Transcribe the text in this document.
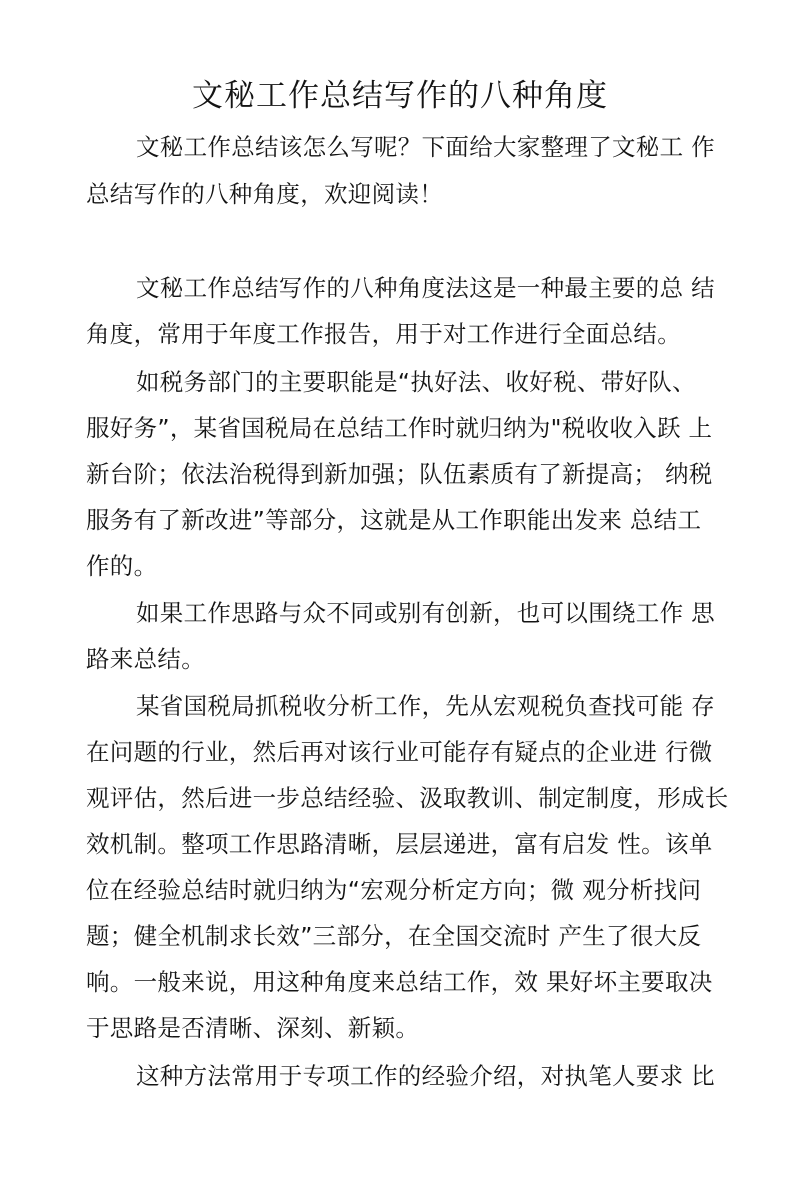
文秘工作总结写作的八种角度
文秘工作总结该怎么写呢？下面给大家整理了文秘工 作
总结写作的八种角度，欢迎阅读！
文秘工作总结写作的八种角度法这是一种最主要的总 结
角度，常用于年度工作报告，用于对工作进行全面总结。
如税务部门的主要职能是“执好法、收好税、带好队、
服好务”，某省国税局在总结工作时就归纳为"税收收入跃 上
新台阶；依法治税得到新加强；队伍素质有了新提高； 纳税
服务有了新改进”等部分，这就是从工作职能出发来 总结工
作的。
如果工作思路与众不同或别有创新，也可以围绕工作 思
路来总结。
某省国税局抓税收分析工作，先从宏观税负查找可能 存
在问题的行业，然后再对该行业可能存有疑点的企业进 行微
观评估，然后进一步总结经验、汲取教训、制定制度，形成长
效机制。整项工作思路清晰，层层递进，富有启发 性。该单
位在经验总结时就归纳为“宏观分析定方向；微 观分析找问
题；健全机制求长效”三部分，在全国交流时 产生了很大反
响。一般来说，用这种角度来总结工作，效 果好坏主要取决
于思路是否清晰、深刻、新颖。
这种方法常用于专项工作的经验介绍，对执笔人要求 比
